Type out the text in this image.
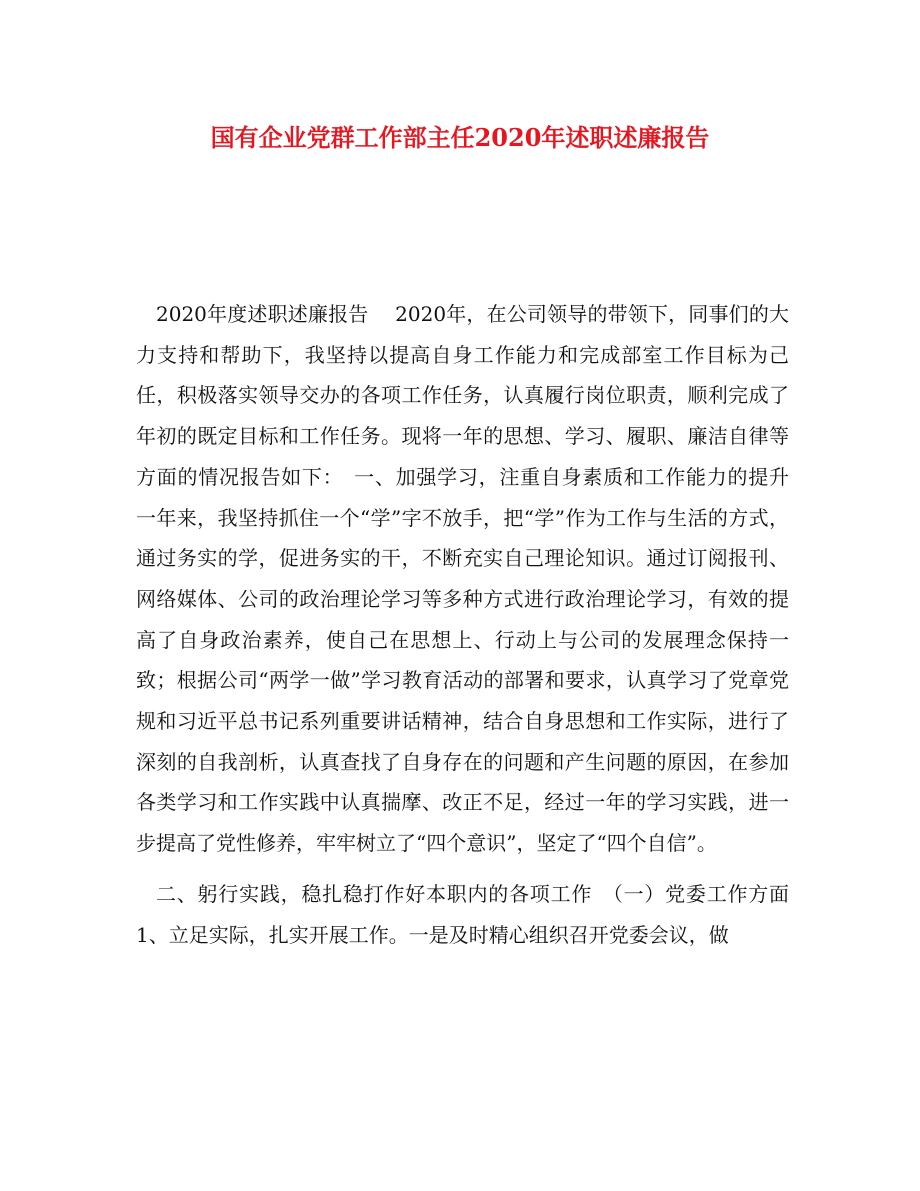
国有企业党群工作部主任2020年述职述廉报告

2020年度述职述廉报告　 2020年，在公司领导的带领下，同事们的大力支持和帮助下，我坚持以提高自身工作能力和完成部室工作目标为己任，积极落实领导交办的各项工作任务，认真履行岗位职责，顺利完成了年初的既定目标和工作任务。现将一年的思想、学习、履职、廉洁自律等方面的情况报告如下：　一、加强学习，注重自身素质和工作能力的提升　一年来，我坚持抓住一个“学”字不放手，把“学”作为工作与生活的方式，通过务实的学，促进务实的干，不断充实自己理论知识。通过订阅报刊、网络媒体、公司的政治理论学习等多种方式进行政治理论学习，有效的提高了自身政治素养，使自己在思想上、行动上与公司的发展理念保持一致；根据公司“两学一做”学习教育活动的部署和要求，认真学习了党章党规和习近平总书记系列重要讲话精神，结合自身思想和工作实际，进行了深刻的自我剖析，认真查找了自身存在的问题和产生问题的原因，在参加各类学习和工作实践中认真揣摩、改正不足，经过一年的学习实践，进一步提高了党性修养，牢牢树立了“四个意识”，坚定了“四个自信”。

二、躬行实践，稳扎稳打作好本职内的各项工作　（一）党委工作方面 1、立足实际，扎实开展工作。一是及时精心组织召开党委会议，做
